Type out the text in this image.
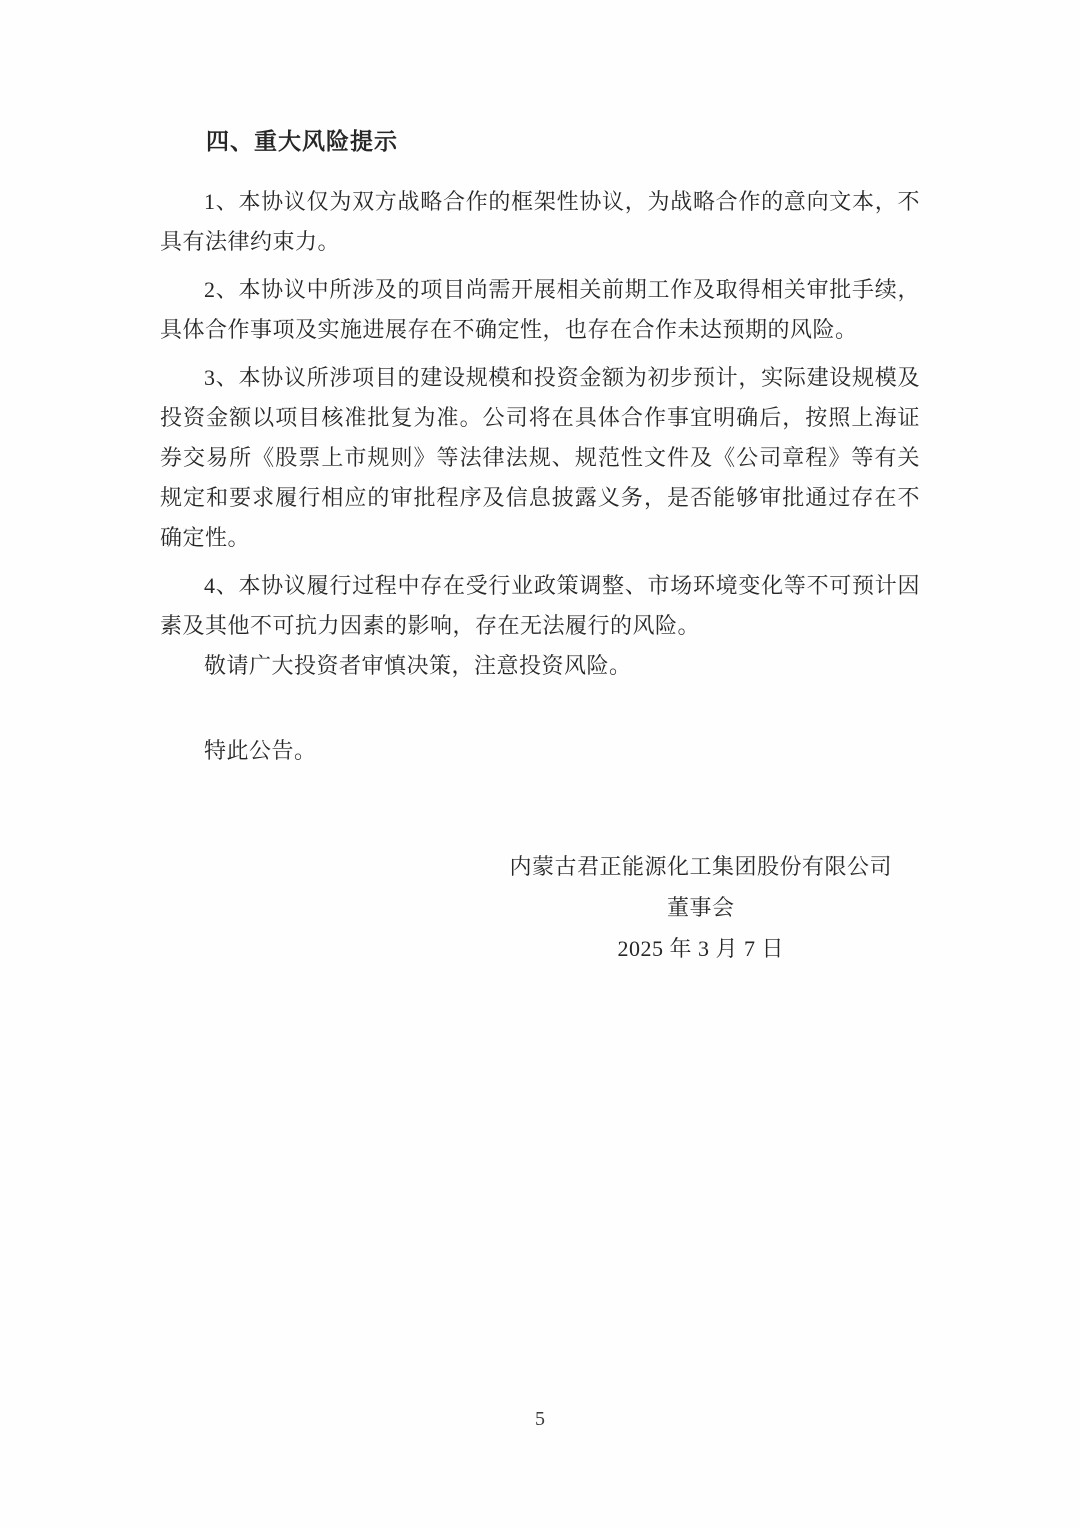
四、重大风险提示

1、本协议仅为双方战略合作的框架性协议，为战略合作的意向文本，不具有法律约束力。

2、本协议中所涉及的项目尚需开展相关前期工作及取得相关审批手续，具体合作事项及实施进展存在不确定性，也存在合作未达预期的风险。

3、本协议所涉项目的建设规模和投资金额为初步预计，实际建设规模及投资金额以项目核准批复为准。公司将在具体合作事宜明确后，按照上海证券交易所《股票上市规则》等法律法规、规范性文件及《公司章程》等有关规定和要求履行相应的审批程序及信息披露义务，是否能够审批通过存在不确定性。

4、本协议履行过程中存在受行业政策调整、市场环境变化等不可预计因素及其他不可抗力因素的影响，存在无法履行的风险。

敬请广大投资者审慎决策，注意投资风险。

特此公告。

内蒙古君正能源化工集团股份有限公司

董事会

2025 年 3 月 7 日

5
